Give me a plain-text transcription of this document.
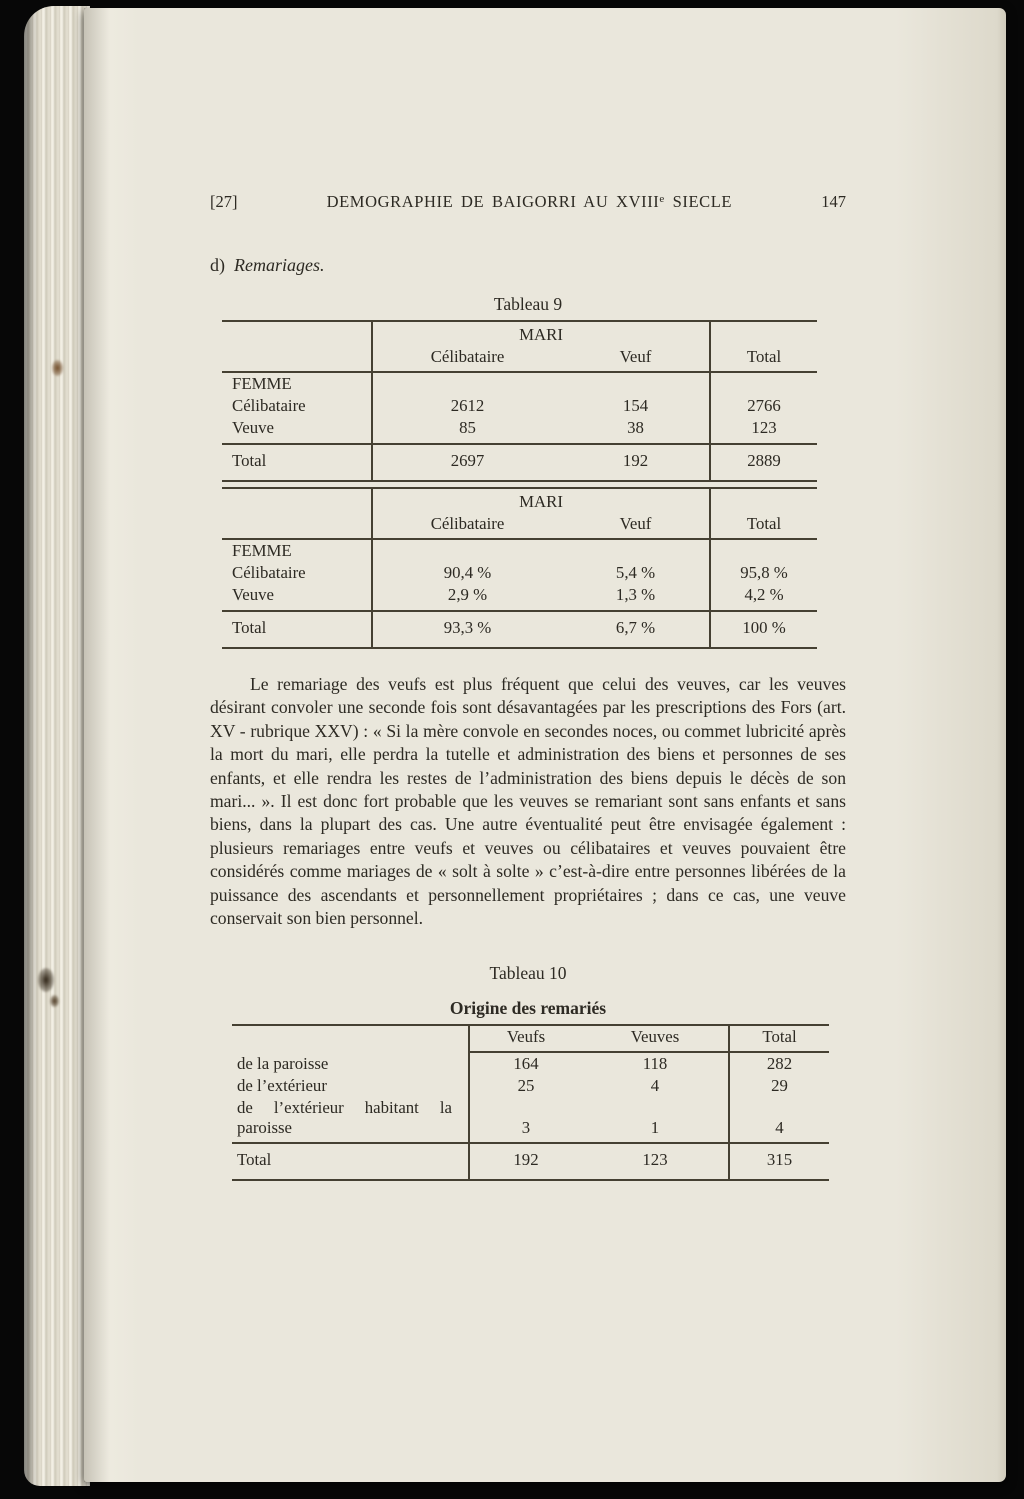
[27]	DEMOGRAPHIE DE BAIGORRI AU XVIIIe SIECLE	147
d) Remariages.
Tableau 9
	MARI		
	Célibataire	Veuf	Total
FEMME			
Célibataire	2612	154	2766
Veuve	85	38	123
Total	2697	192	2889
	MARI		
	Célibataire	Veuf	Total
FEMME			
Célibataire	90,4 %	5,4 %	95,8 %
Veuve	2,9 %	1,3 %	4,2 %
Total	93,3 %	6,7 %	100 %
Le remariage des veufs est plus fréquent que celui des veuves, car les veuves désirant convoler une seconde fois sont désavantagées par les prescriptions des Fors (art. XV - rubrique XXV) : « Si la mère convole en secondes noces, ou commet lubricité après la mort du mari, elle perdra la tutelle et administration des biens et personnes de ses enfants, et elle rendra les restes de l’administration des biens depuis le décès de son mari... ». Il est donc fort probable que les veuves se remariant sont sans enfants et sans biens, dans la plupart des cas. Une autre éventualité peut être envisagée également : plusieurs remariages entre veufs et veuves ou célibataires et veuves pouvaient être considérés comme mariages de « solt à solte » c’est-à-dire entre personnes libérées de la puissance des ascendants et personnellement propriétaires ; dans ce cas, une veuve conservait son bien personnel.
Tableau 10
Origine des remariés
	Veufs	Veuves	Total
de la paroisse	164	118	282
de l’extérieur	25	4	29
de l’extérieur habitant la paroisse	3	1	4
Total	192	123	315
